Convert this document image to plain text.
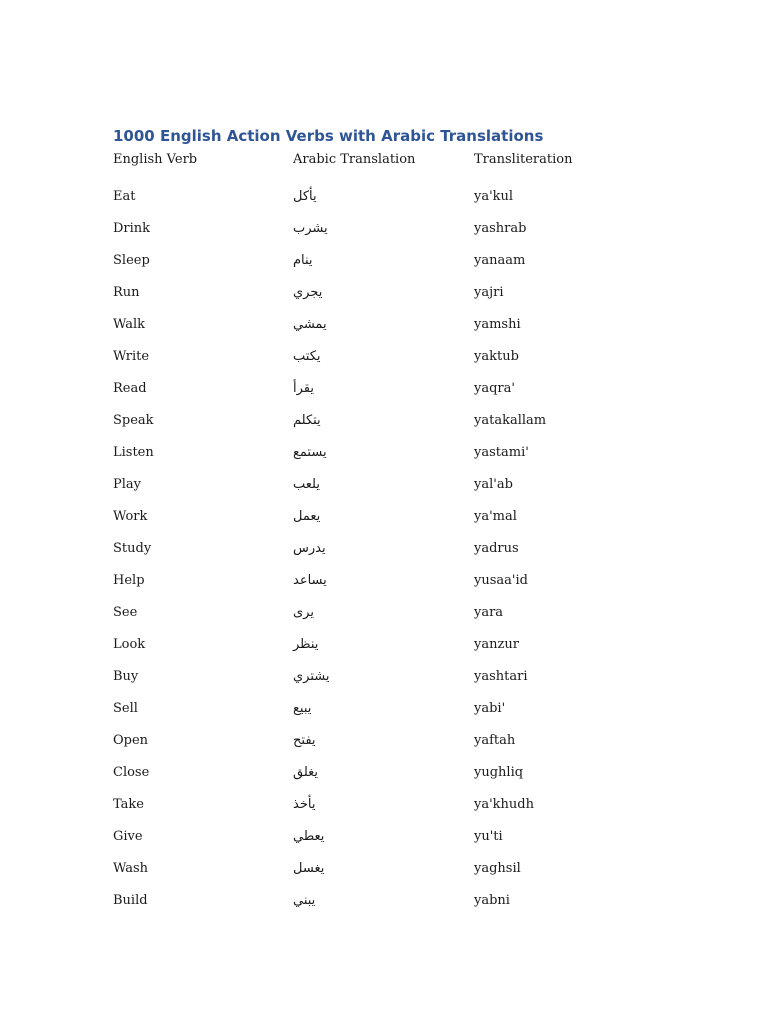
1000 English Action Verbs with Arabic Translations
English Verb	Arabic Translation	Transliteration
Eat	يأكل	ya'kul
Drink	يشرب	yashrab
Sleep	ينام	yanaam
Run	يجري	yajri
Walk	يمشي	yamshi
Write	يكتب	yaktub
Read	يقرأ	yaqra'
Speak	يتكلم	yatakallam
Listen	يستمع	yastami'
Play	يلعب	yal'ab
Work	يعمل	ya'mal
Study	يدرس	yadrus
Help	يساعد	yusaa'id
See	يرى	yara
Look	ينظر	yanzur
Buy	يشتري	yashtari
Sell	يبيع	yabi'
Open	يفتح	yaftah
Close	يغلق	yughliq
Take	يأخذ	ya'khudh
Give	يعطي	yu'ti
Wash	يغسل	yaghsil
Build	يبني	yabni
